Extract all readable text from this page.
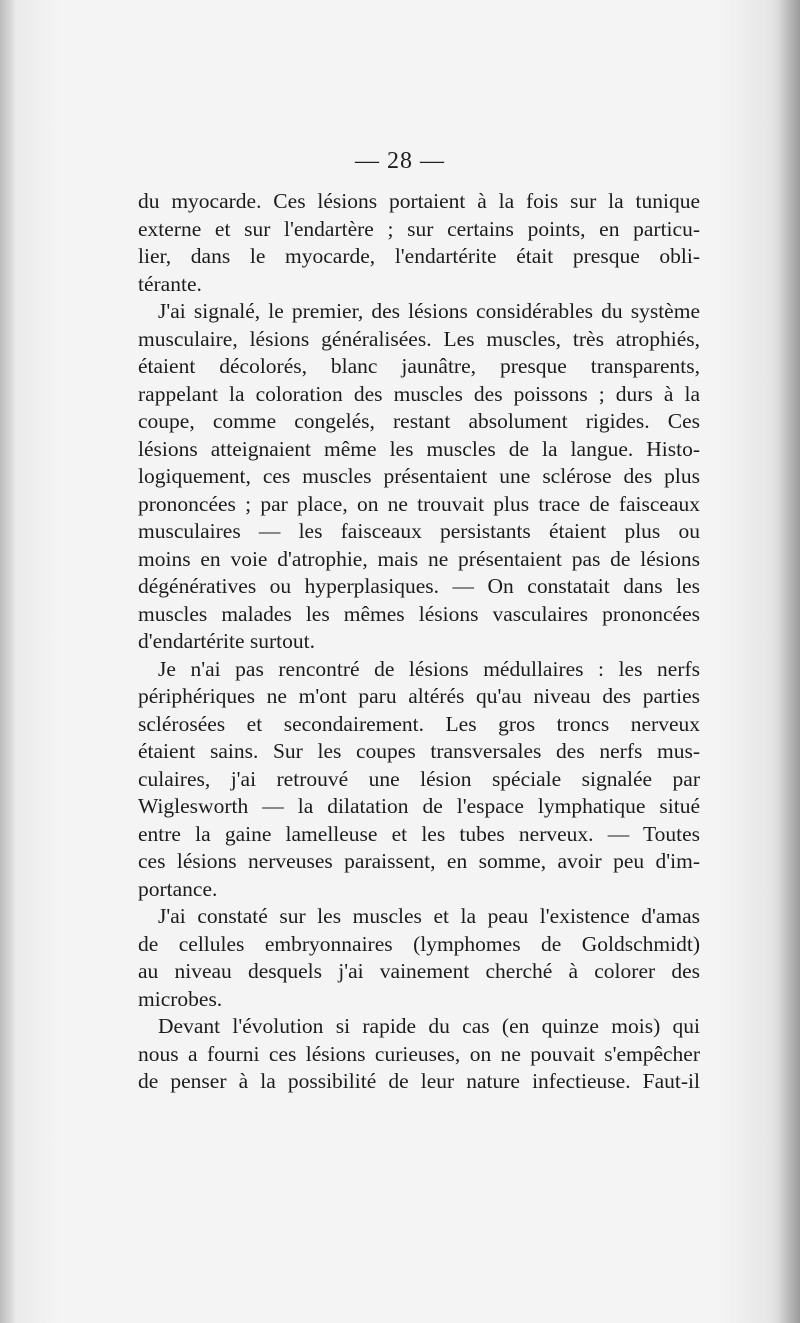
— 28 —

du myocarde. Ces lésions portaient à la fois sur la tunique
externe et sur l'endartère ; sur certains points, en particu-
lier, dans le myocarde, l'endartérite était presque obli-
térante.

J'ai signalé, le premier, des lésions considérables du système
musculaire, lésions généralisées. Les muscles, très atrophiés,
étaient décolorés, blanc jaunâtre, presque transparents,
rappelant la coloration des muscles des poissons ; durs à la
coupe, comme congelés, restant absolument rigides. Ces
lésions atteignaient même les muscles de la langue. Histo-
logiquement, ces muscles présentaient une sclérose des plus
prononcées ; par place, on ne trouvait plus trace de faisceaux
musculaires — les faisceaux persistants étaient plus ou
moins en voie d'atrophie, mais ne présentaient pas de lésions
dégénératives ou hyperplasiques. — On constatait dans les
muscles malades les mêmes lésions vasculaires prononcées
d'endartérite surtout.

Je n'ai pas rencontré de lésions médullaires : les nerfs
périphériques ne m'ont paru altérés qu'au niveau des parties
sclérosées et secondairement. Les gros troncs nerveux
étaient sains. Sur les coupes transversales des nerfs mus-
culaires, j'ai retrouvé une lésion spéciale signalée par
Wiglesworth — la dilatation de l'espace lymphatique situé
entre la gaine lamelleuse et les tubes nerveux. — Toutes
ces lésions nerveuses paraissent, en somme, avoir peu d'im-
portance.

J'ai constaté sur les muscles et la peau l'existence d'amas
de cellules embryonnaires (lymphomes de Goldschmidt)
au niveau desquels j'ai vainement cherché à colorer des
microbes.

Devant l'évolution si rapide du cas (en quinze mois) qui
nous a fourni ces lésions curieuses, on ne pouvait s'empêcher
de penser à la possibilité de leur nature infectieuse. Faut-il
